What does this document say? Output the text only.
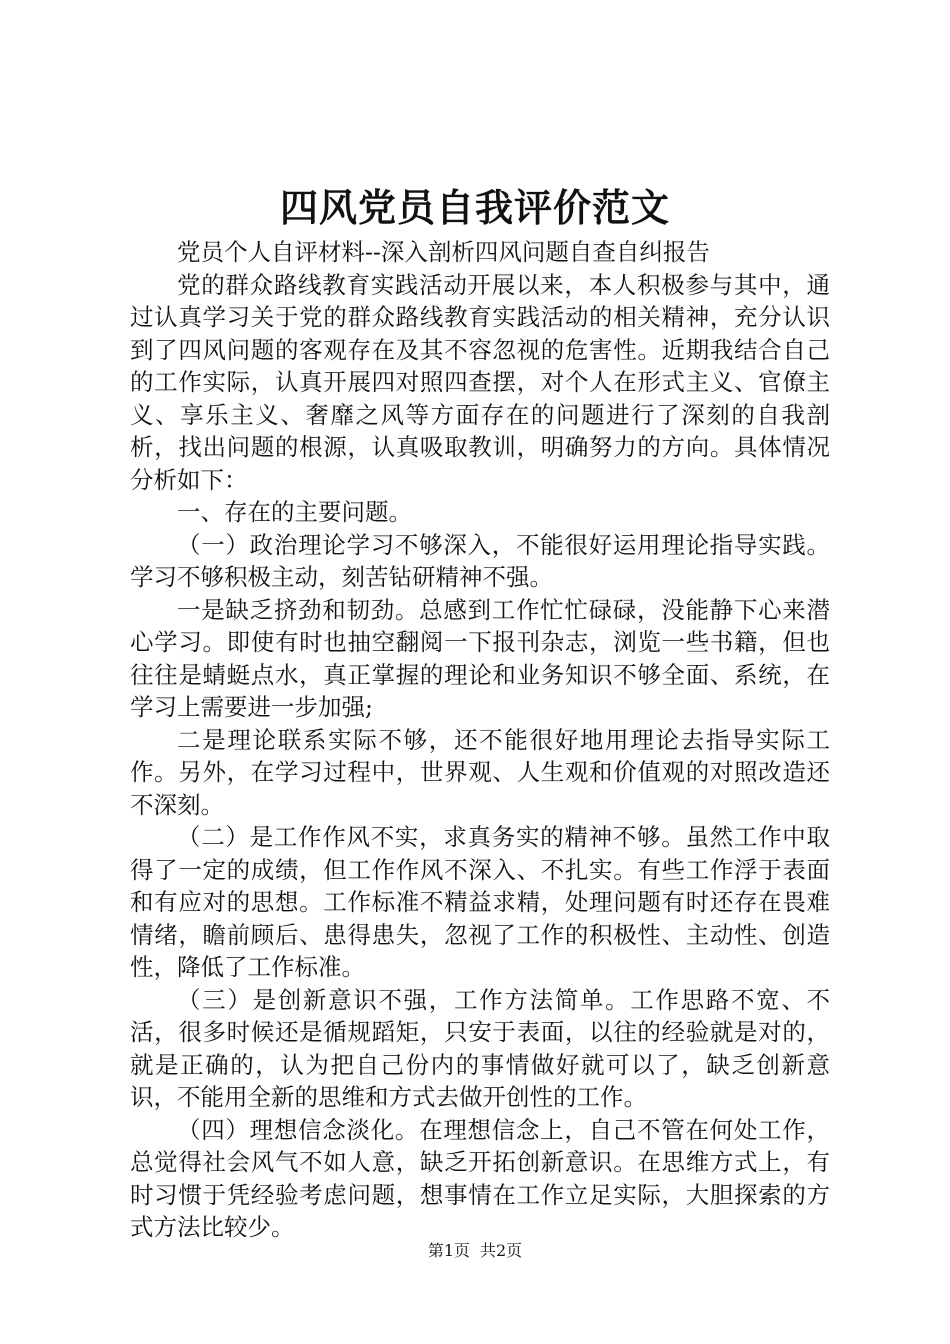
四风党员自我评价范文

党员个人自评材料--深入剖析四风问题自查自纠报告

党的群众路线教育实践活动开展以来，本人积极参与其中，通过认真学习关于党的群众路线教育实践活动的相关精神，充分认识到了四风问题的客观存在及其不容忽视的危害性。近期我结合自己的工作实际，认真开展四对照四查摆，对个人在形式主义、官僚主义、享乐主义、奢靡之风等方面存在的问题进行了深刻的自我剖析，找出问题的根源，认真吸取教训，明确努力的方向。具体情况分析如下：

一、存在的主要问题。

（一）政治理论学习不够深入，不能很好运用理论指导实践。学习不够积极主动，刻苦钻研精神不强。

一是缺乏挤劲和韧劲。总感到工作忙忙碌碌，没能静下心来潜心学习。即使有时也抽空翻阅一下报刊杂志，浏览一些书籍，但也往往是蜻蜓点水，真正掌握的理论和业务知识不够全面、系统，在学习上需要进一步加强;

二是理论联系实际不够，还不能很好地用理论去指导实际工作。另外，在学习过程中，世界观、人生观和价值观的对照改造还不深刻。

（二）是工作作风不实，求真务实的精神不够。虽然工作中取得了一定的成绩，但工作作风不深入、不扎实。有些工作浮于表面和有应对的思想。工作标准不精益求精，处理问题有时还存在畏难情绪，瞻前顾后、患得患失，忽视了工作的积极性、主动性、创造性，降低了工作标准。

（三）是创新意识不强，工作方法简单。工作思路不宽、不活，很多时候还是循规蹈矩，只安于表面，以往的经验就是对的，就是正确的，认为把自己份内的事情做好就可以了，缺乏创新意识，不能用全新的思维和方式去做开创性的工作。

（四）理想信念淡化。在理想信念上，自己不管在何处工作，总觉得社会风气不如人意，缺乏开拓创新意识。在思维方式上，有时习惯于凭经验考虑问题，想事情在工作立足实际，大胆探索的方式方法比较少。

第1页 共2页
